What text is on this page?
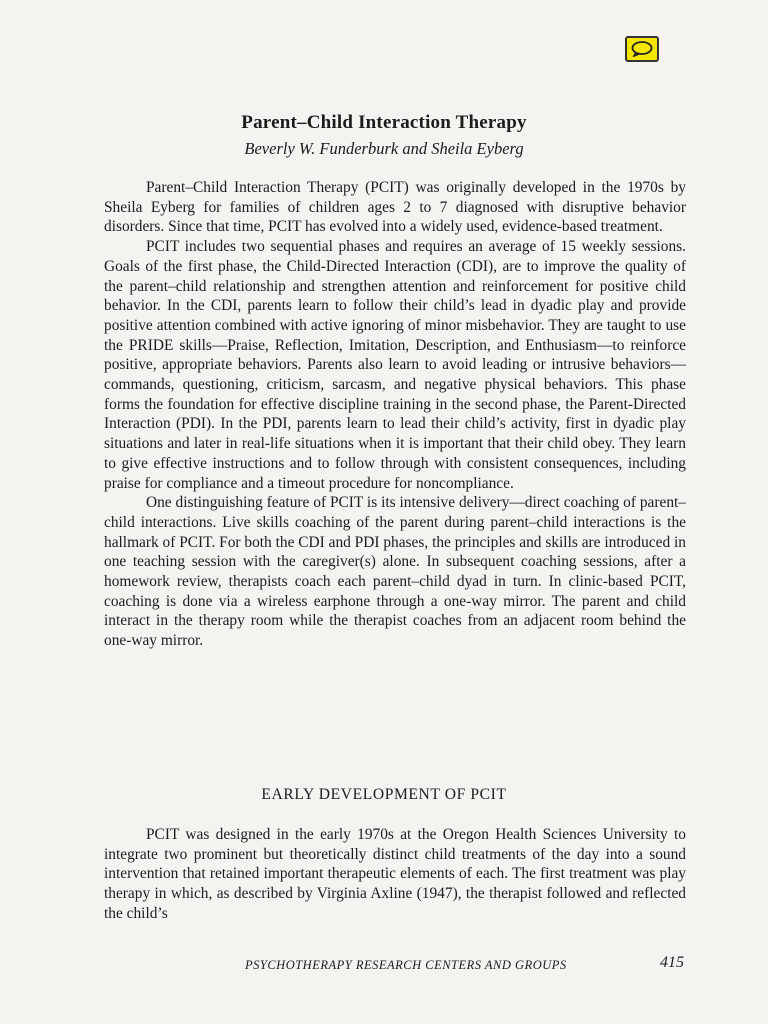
Parent–Child Interaction Therapy
Beverly W. Funderburk and Sheila Eyberg

Parent–Child Interaction Therapy (PCIT) was originally developed in the 1970s by Sheila Eyberg for families of children ages 2 to 7 diagnosed with disruptive behavior disorders. Since that time, PCIT has evolved into a widely used, evidence-based treatment.

PCIT includes two sequential phases and requires an average of 15 weekly sessions. Goals of the first phase, the Child-Directed Interaction (CDI), are to improve the quality of the parent–child relationship and strengthen attention and reinforcement for positive child behavior. In the CDI, parents learn to follow their child’s lead in dyadic play and provide positive attention combined with active ignoring of minor misbehavior. They are taught to use the PRIDE skills—Praise, Reflection, Imitation, Description, and Enthusiasm—to reinforce positive, appropriate behaviors. Parents also learn to avoid leading or intrusive behaviors—commands, questioning, criticism, sarcasm, and negative physical behaviors. This phase forms the foundation for effective discipline training in the second phase, the Parent-Directed Interaction (PDI). In the PDI, parents learn to lead their child’s activity, first in dyadic play situations and later in real-life situations when it is important that their child obey. They learn to give effective instructions and to follow through with consistent consequences, including praise for compliance and a timeout procedure for noncompliance.

One distinguishing feature of PCIT is its intensive delivery—direct coaching of parent–child interactions. Live skills coaching of the parent during parent–child interactions is the hallmark of PCIT. For both the CDI and PDI phases, the principles and skills are introduced in one teaching session with the caregiver(s) alone. In subsequent coaching sessions, after a homework review, therapists coach each parent–child dyad in turn. In clinic-based PCIT, coaching is done via a wireless earphone through a one-way mirror. The parent and child interact in the therapy room while the therapist coaches from an adjacent room behind the one-way mirror.

EARLY DEVELOPMENT OF PCIT

PCIT was designed in the early 1970s at the Oregon Health Sciences University to integrate two prominent but theoretically distinct child treatments of the day into a sound intervention that retained important therapeutic elements of each. The first treatment was play therapy in which, as described by Virginia Axline (1947), the therapist followed and reflected the child’s

PSYCHOTHERAPY RESEARCH CENTERS AND GROUPS	415
